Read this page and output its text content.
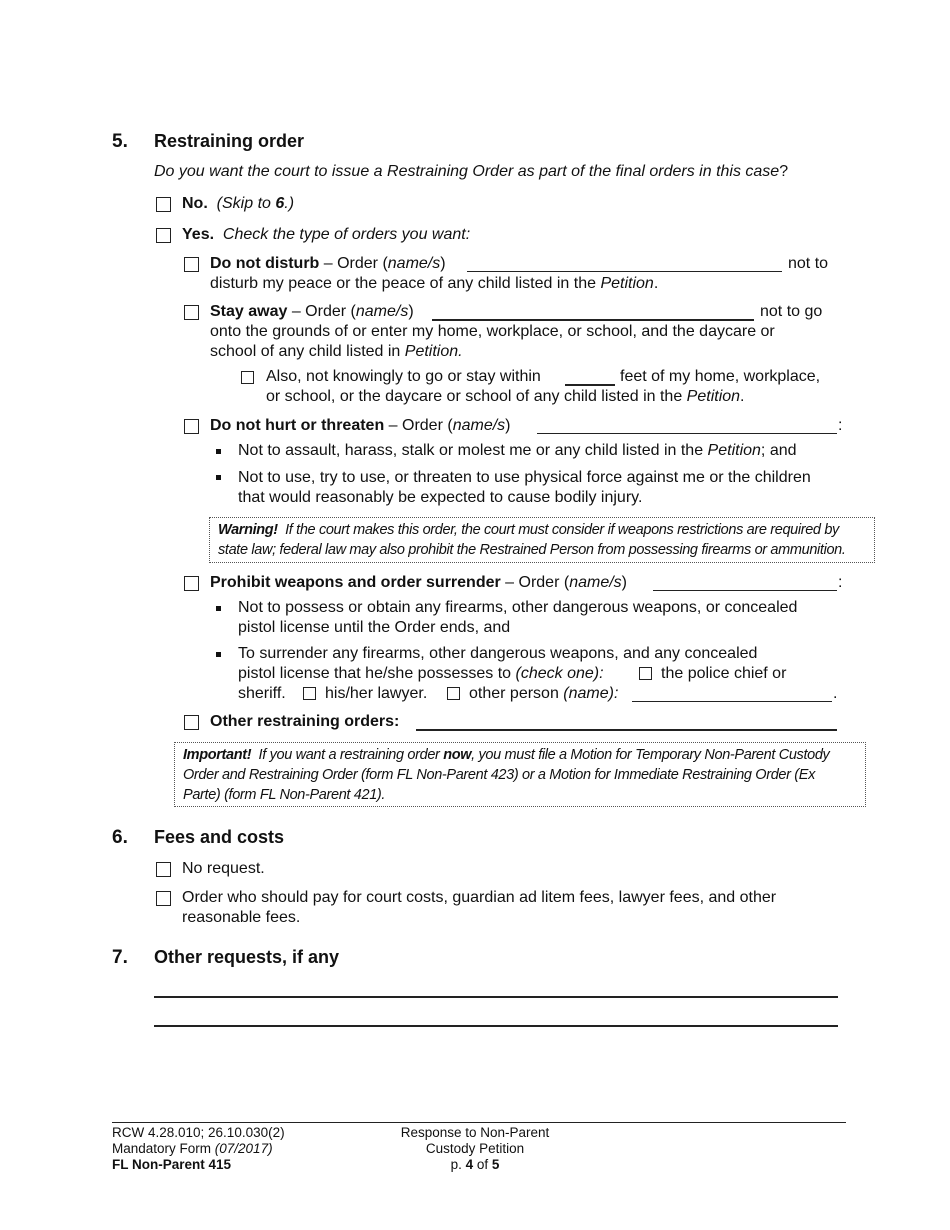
5. Restraining order
Do you want the court to issue a Restraining Order as part of the final orders in this case?
No. (Skip to 6.)
Yes. Check the type of orders you want:
Do not disturb – Order (name/s)	not to
disturb my peace or the peace of any child listed in the Petition.
Stay away – Order (name/s)	not to go
onto the grounds of or enter my home, workplace, or school, and the daycare or
school of any child listed in Petition.
Also, not knowingly to go or stay within	feet of my home, workplace,
or school, or the daycare or school of any child listed in the Petition.
Do not hurt or threaten – Order (name/s)	:
Not to assault, harass, stalk or molest me or any child listed in the Petition; and
Not to use, try to use, or threaten to use physical force against me or the children
that would reasonably be expected to cause bodily injury.
Warning! If the court makes this order, the court must consider if weapons restrictions are required by
state law; federal law may also prohibit the Restrained Person from possessing firearms or ammunition.
Prohibit weapons and order surrender – Order (name/s)	:
Not to possess or obtain any firearms, other dangerous weapons, or concealed
pistol license until the Order ends, and
To surrender any firearms, other dangerous weapons, and any concealed
pistol license that he/she possesses to (check one):	the police chief or
sheriff. his/her lawyer.	other person (name):	.
Other restraining orders:
Important! If you want a restraining order now, you must file a Motion for Temporary Non-Parent Custody
Order and Restraining Order (form FL Non-Parent 423) or a Motion for Immediate Restraining Order (Ex
Parte) (form FL Non-Parent 421).
6. Fees and costs
No request.
Order who should pay for court costs, guardian ad litem fees, lawyer fees, and other
reasonable fees.
7. Other requests, if any
RCW 4.28.010; 26.10.030(2)
Mandatory Form (07/2017)
FL Non-Parent 415
Response to Non-Parent
Custody Petition
p. 4 of 5
